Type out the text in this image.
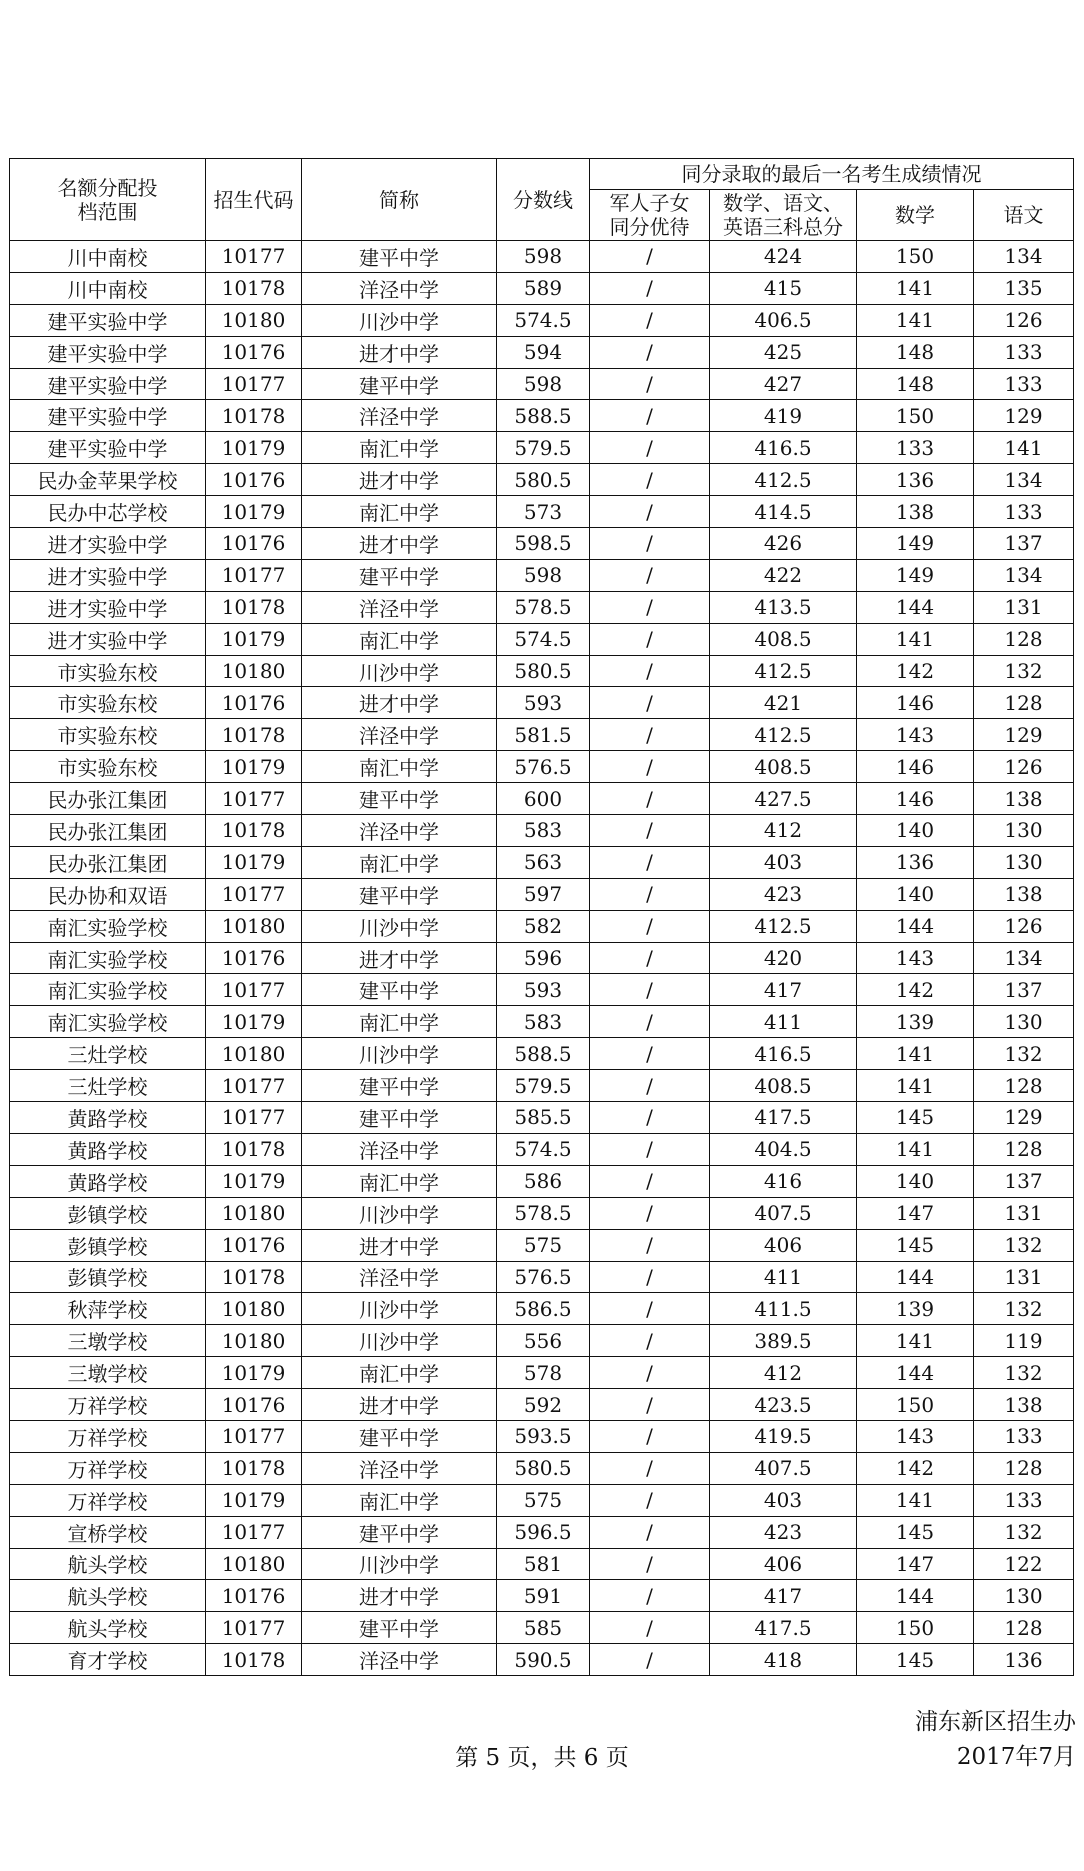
名额分配投档范围	招生代码	简称	分数线	同分录取的最后一名考生成绩情况			
				军人子女同分优待	数学、语文、英语三科总分	数学	语文
川中南校	10177	建平中学	598	/	424	150	134
川中南校	10178	洋泾中学	589	/	415	141	135
建平实验中学	10180	川沙中学	574.5	/	406.5	141	126
建平实验中学	10176	进才中学	594	/	425	148	133
建平实验中学	10177	建平中学	598	/	427	148	133
建平实验中学	10178	洋泾中学	588.5	/	419	150	129
建平实验中学	10179	南汇中学	579.5	/	416.5	133	141
民办金苹果学校	10176	进才中学	580.5	/	412.5	136	134
民办中芯学校	10179	南汇中学	573	/	414.5	138	133
进才实验中学	10176	进才中学	598.5	/	426	149	137
进才实验中学	10177	建平中学	598	/	422	149	134
进才实验中学	10178	洋泾中学	578.5	/	413.5	144	131
进才实验中学	10179	南汇中学	574.5	/	408.5	141	128
市实验东校	10180	川沙中学	580.5	/	412.5	142	132
市实验东校	10176	进才中学	593	/	421	146	128
市实验东校	10178	洋泾中学	581.5	/	412.5	143	129
市实验东校	10179	南汇中学	576.5	/	408.5	146	126
民办张江集团	10177	建平中学	600	/	427.5	146	138
民办张江集团	10178	洋泾中学	583	/	412	140	130
民办张江集团	10179	南汇中学	563	/	403	136	130
民办协和双语	10177	建平中学	597	/	423	140	138
南汇实验学校	10180	川沙中学	582	/	412.5	144	126
南汇实验学校	10176	进才中学	596	/	420	143	134
南汇实验学校	10177	建平中学	593	/	417	142	137
南汇实验学校	10179	南汇中学	583	/	411	139	130
三灶学校	10180	川沙中学	588.5	/	416.5	141	132
三灶学校	10177	建平中学	579.5	/	408.5	141	128
黄路学校	10177	建平中学	585.5	/	417.5	145	129
黄路学校	10178	洋泾中学	574.5	/	404.5	141	128
黄路学校	10179	南汇中学	586	/	416	140	137
彭镇学校	10180	川沙中学	578.5	/	407.5	147	131
彭镇学校	10176	进才中学	575	/	406	145	132
彭镇学校	10178	洋泾中学	576.5	/	411	144	131
秋萍学校	10180	川沙中学	586.5	/	411.5	139	132
三墩学校	10180	川沙中学	556	/	389.5	141	119
三墩学校	10179	南汇中学	578	/	412	144	132
万祥学校	10176	进才中学	592	/	423.5	150	138
万祥学校	10177	建平中学	593.5	/	419.5	143	133
万祥学校	10178	洋泾中学	580.5	/	407.5	142	128
万祥学校	10179	南汇中学	575	/	403	141	133
宣桥学校	10177	建平中学	596.5	/	423	145	132
航头学校	10180	川沙中学	581	/	406	147	122
航头学校	10176	进才中学	591	/	417	144	130
航头学校	10177	建平中学	585	/	417.5	150	128
育才学校	10178	洋泾中学	590.5	/	418	145	136
浦东新区招生办
第 5 页，共 6 页	2017年7月
